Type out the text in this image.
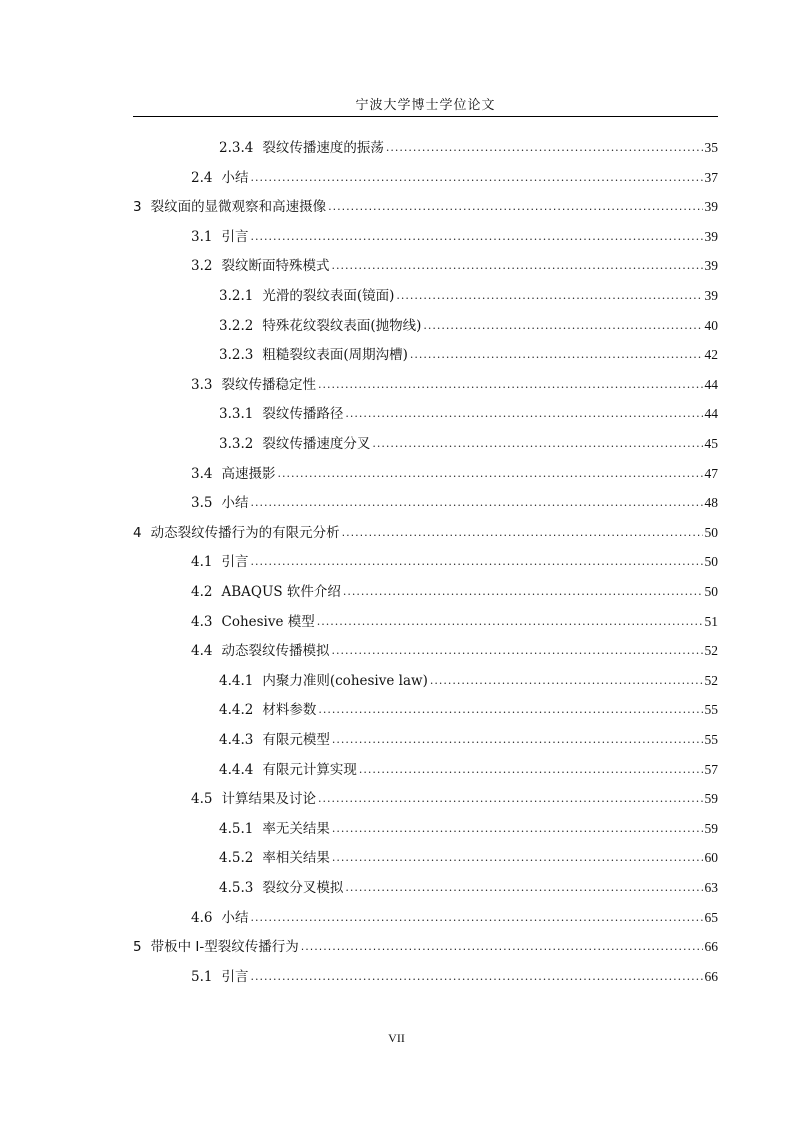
宁波大学博士学位论文
2.3.4 裂纹传播速度的振荡 .....	35
2.4 小结 .....	37
3 裂纹面的显微观察和高速摄像 .....	39
3.1 引言 .....	39
3.2 裂纹断面特殊模式 .....	39
3.2.1 光滑的裂纹表面(镜面) .....	39
3.2.2 特殊花纹裂纹表面(抛物线) .....	40
3.2.3 粗糙裂纹表面(周期沟槽) .....	42
3.3 裂纹传播稳定性 .....	44
3.3.1 裂纹传播路径 .....	44
3.3.2 裂纹传播速度分叉 .....	45
3.4 高速摄影 .....	47
3.5 小结 .....	48
4 动态裂纹传播行为的有限元分析 .....	50
4.1 引言 .....	50
4.2 ABAQUS 软件介绍 .....	50
4.3 Cohesive 模型 .....	51
4.4 动态裂纹传播模拟 .....	52
4.4.1 内聚力准则(cohesive law) .....	52
4.4.2 材料参数 .....	55
4.4.3 有限元模型 .....	55
4.4.4 有限元计算实现 .....	57
4.5 计算结果及讨论 .....	59
4.5.1 率无关结果 .....	59
4.5.2 率相关结果 .....	60
4.5.3 裂纹分叉模拟 .....	63
4.6 小结 .....	65
5 带板中 I-型裂纹传播行为 .....	66
5.1 引言 .....	66
VII
